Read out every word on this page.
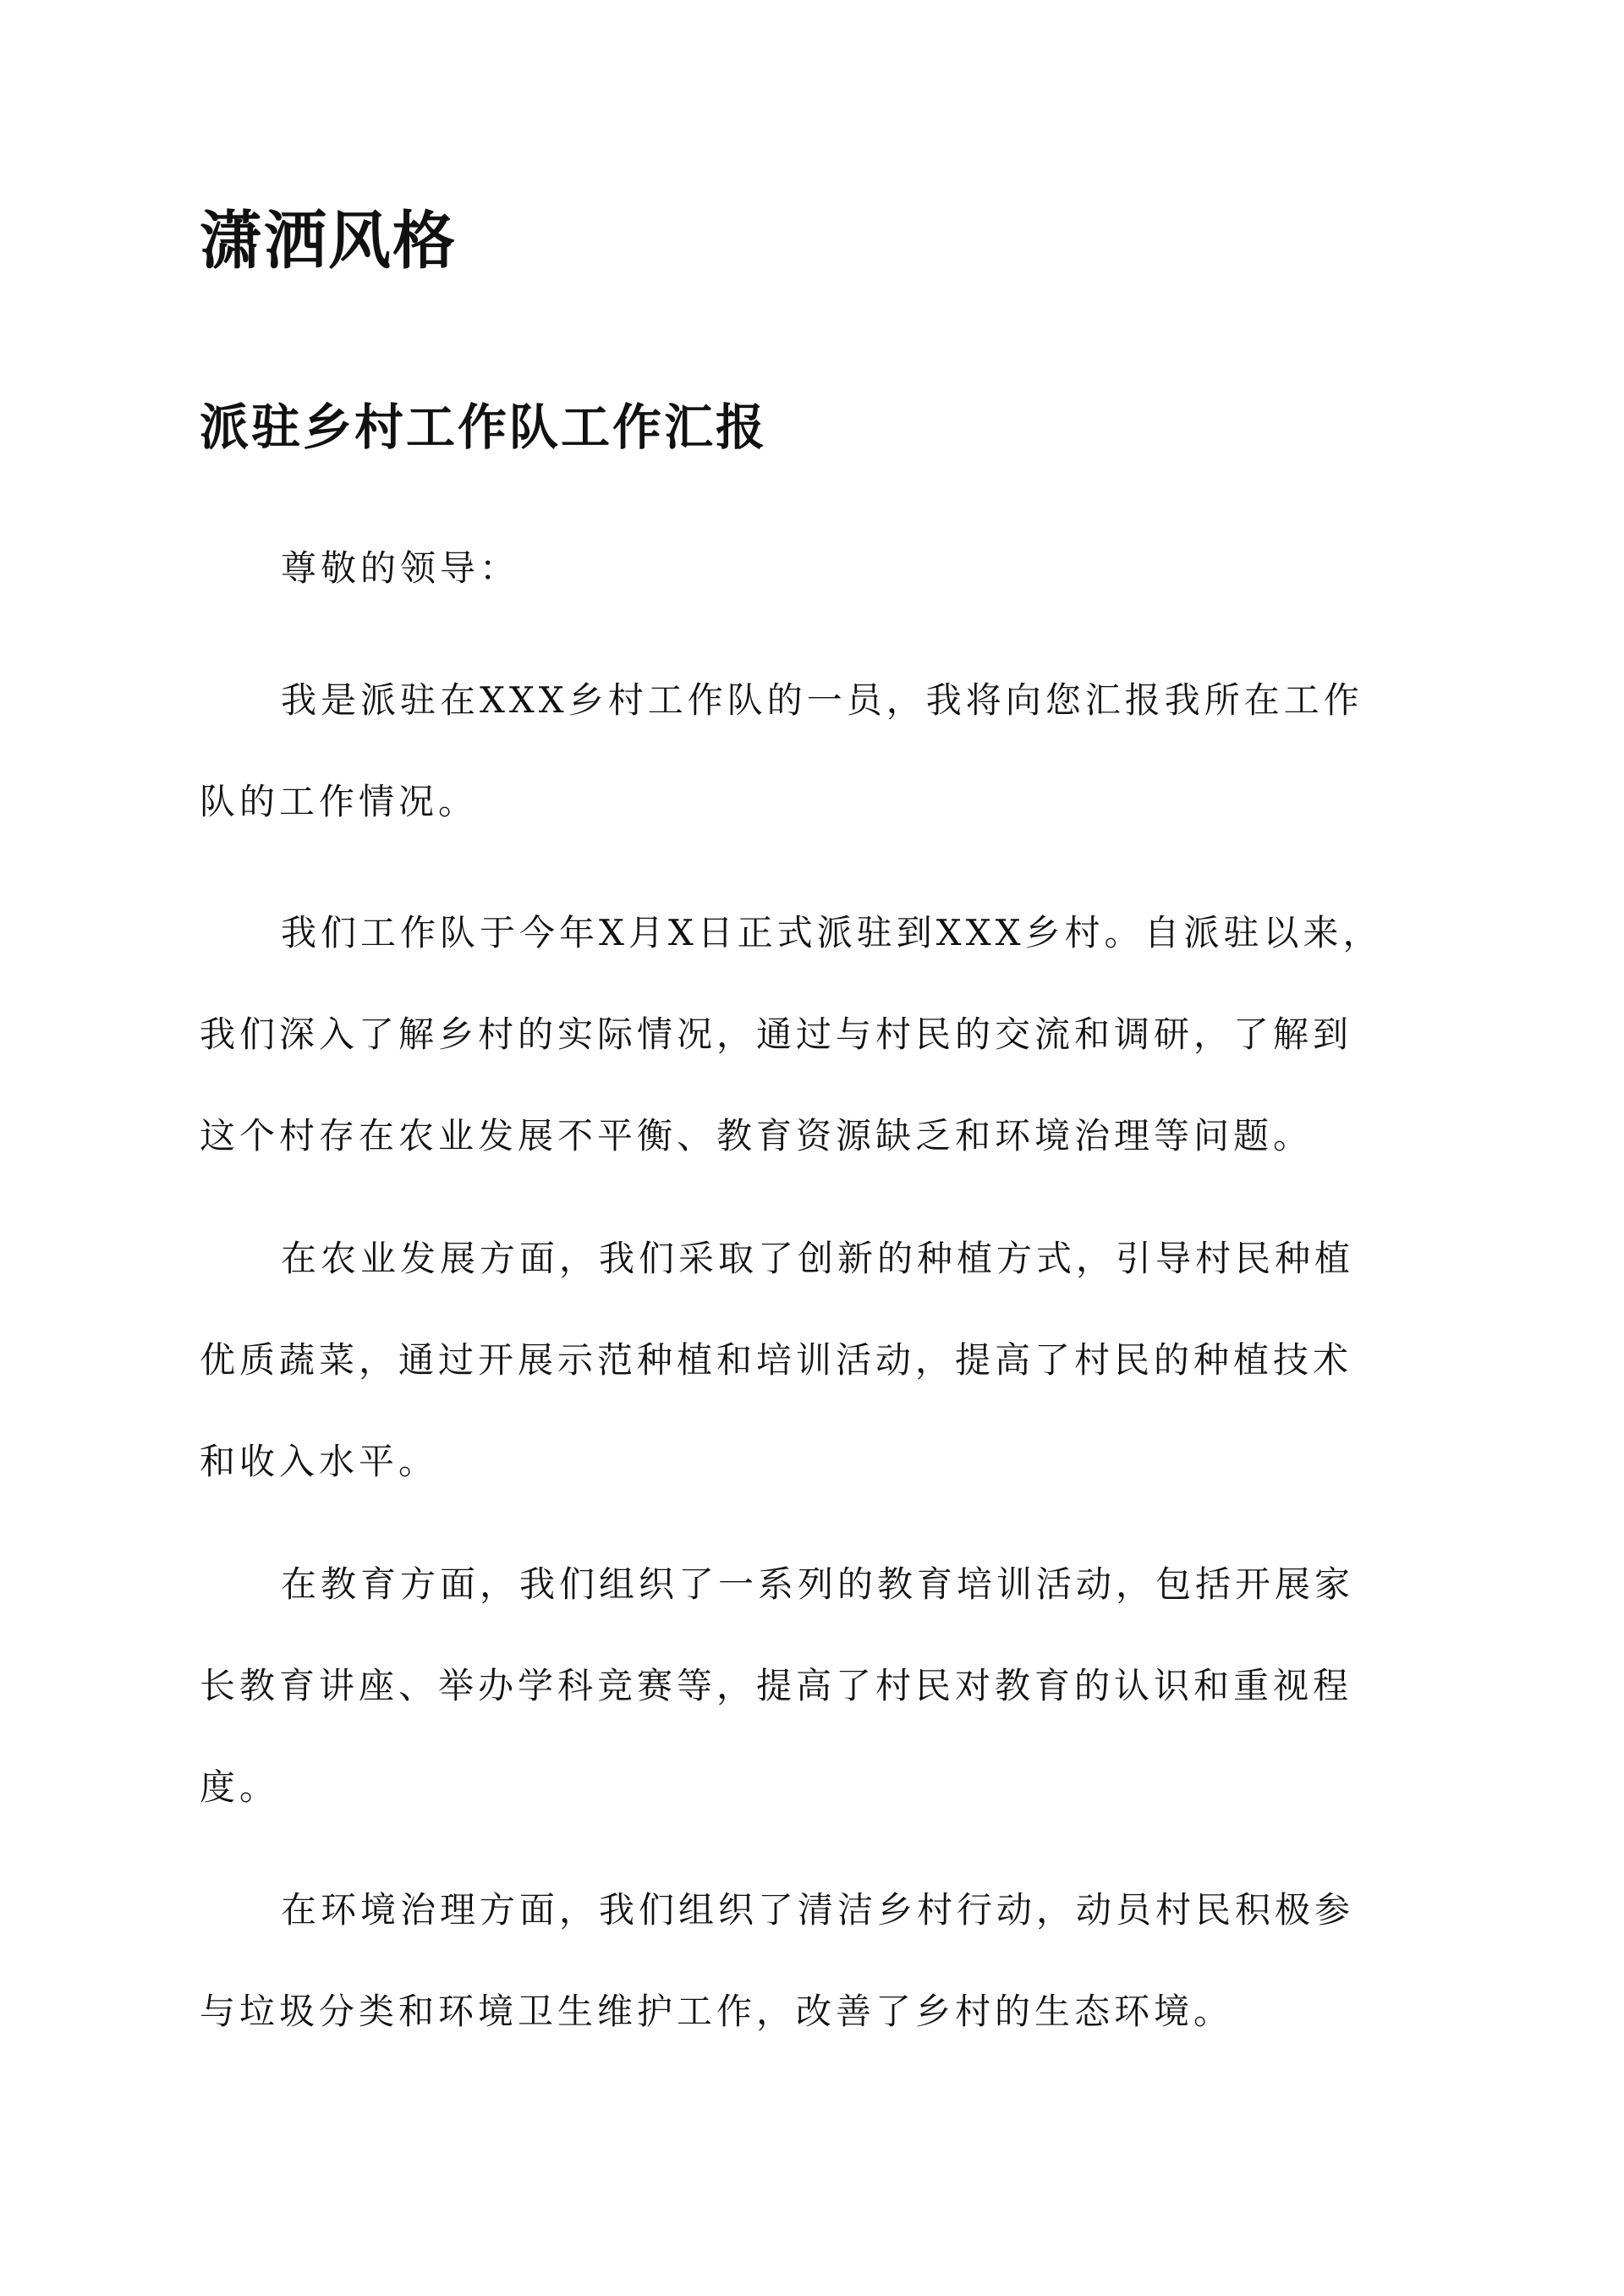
潇洒风格
派驻乡村工作队工作汇报
尊敬的领导：
我是派驻在XXX乡村工作队的一员，我将向您汇报我所在工作
队的工作情况。
我们工作队于今年X月X日正式派驻到XXX乡村。自派驻以来，
我们深入了解乡村的实际情况，通过与村民的交流和调研，了解到
这个村存在农业发展不平衡、教育资源缺乏和环境治理等问题。
在农业发展方面，我们采取了创新的种植方式，引导村民种植
优质蔬菜，通过开展示范种植和培训活动，提高了村民的种植技术
和收入水平。
在教育方面，我们组织了一系列的教育培训活动，包括开展家
长教育讲座、举办学科竞赛等，提高了村民对教育的认识和重视程
度。
在环境治理方面，我们组织了清洁乡村行动，动员村民积极参
与垃圾分类和环境卫生维护工作，改善了乡村的生态环境。
